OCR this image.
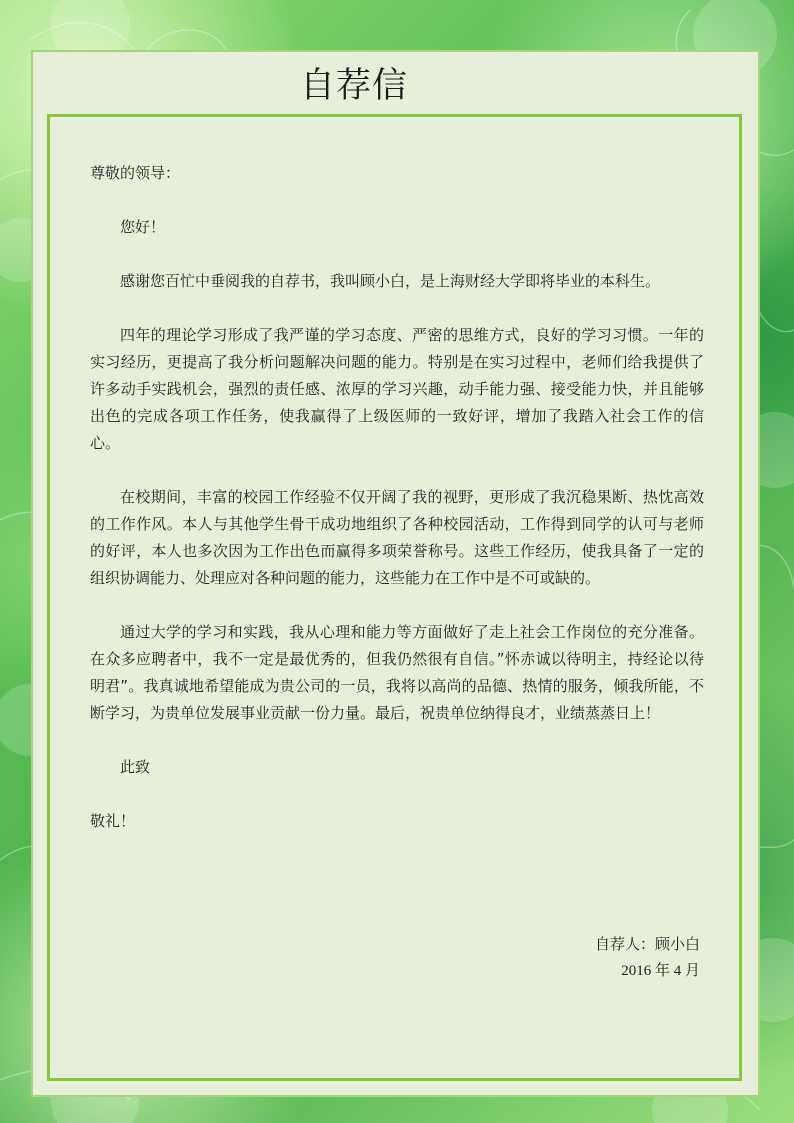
自荐信

尊敬的领导：

您好！

感谢您百忙中垂阅我的自荐书，我叫顾小白，是上海财经大学即将毕业的本科生。

四年的理论学习形成了我严谨的学习态度、严密的思维方式，良好的学习习惯。一年的实习经历，更提高了我分析问题解决问题的能力。特别是在实习过程中，老师们给我提供了许多动手实践机会，强烈的责任感、浓厚的学习兴趣，动手能力强、接受能力快，并且能够出色的完成各项工作任务，使我赢得了上级医师的一致好评，增加了我踏入社会工作的信心。

在校期间，丰富的校园工作经验不仅开阔了我的视野，更形成了我沉稳果断、热忱高效的工作作风。本人与其他学生骨干成功地组织了各种校园活动，工作得到同学的认可与老师的好评，本人也多次因为工作出色而赢得多项荣誉称号。这些工作经历，使我具备了一定的组织协调能力、处理应对各种问题的能力，这些能力在工作中是不可或缺的。

通过大学的学习和实践，我从心理和能力等方面做好了走上社会工作岗位的充分准备。在众多应聘者中，我不一定是最优秀的，但我仍然很有自信。”怀赤诚以待明主，持经论以待明君”。我真诚地希望能成为贵公司的一员，我将以高尚的品德、热情的服务，倾我所能，不断学习，为贵单位发展事业贡献一份力量。最后，祝贵单位纳得良才，业绩蒸蒸日上！

此致

敬礼！

自荐人：顾小白
2016 年 4 月
